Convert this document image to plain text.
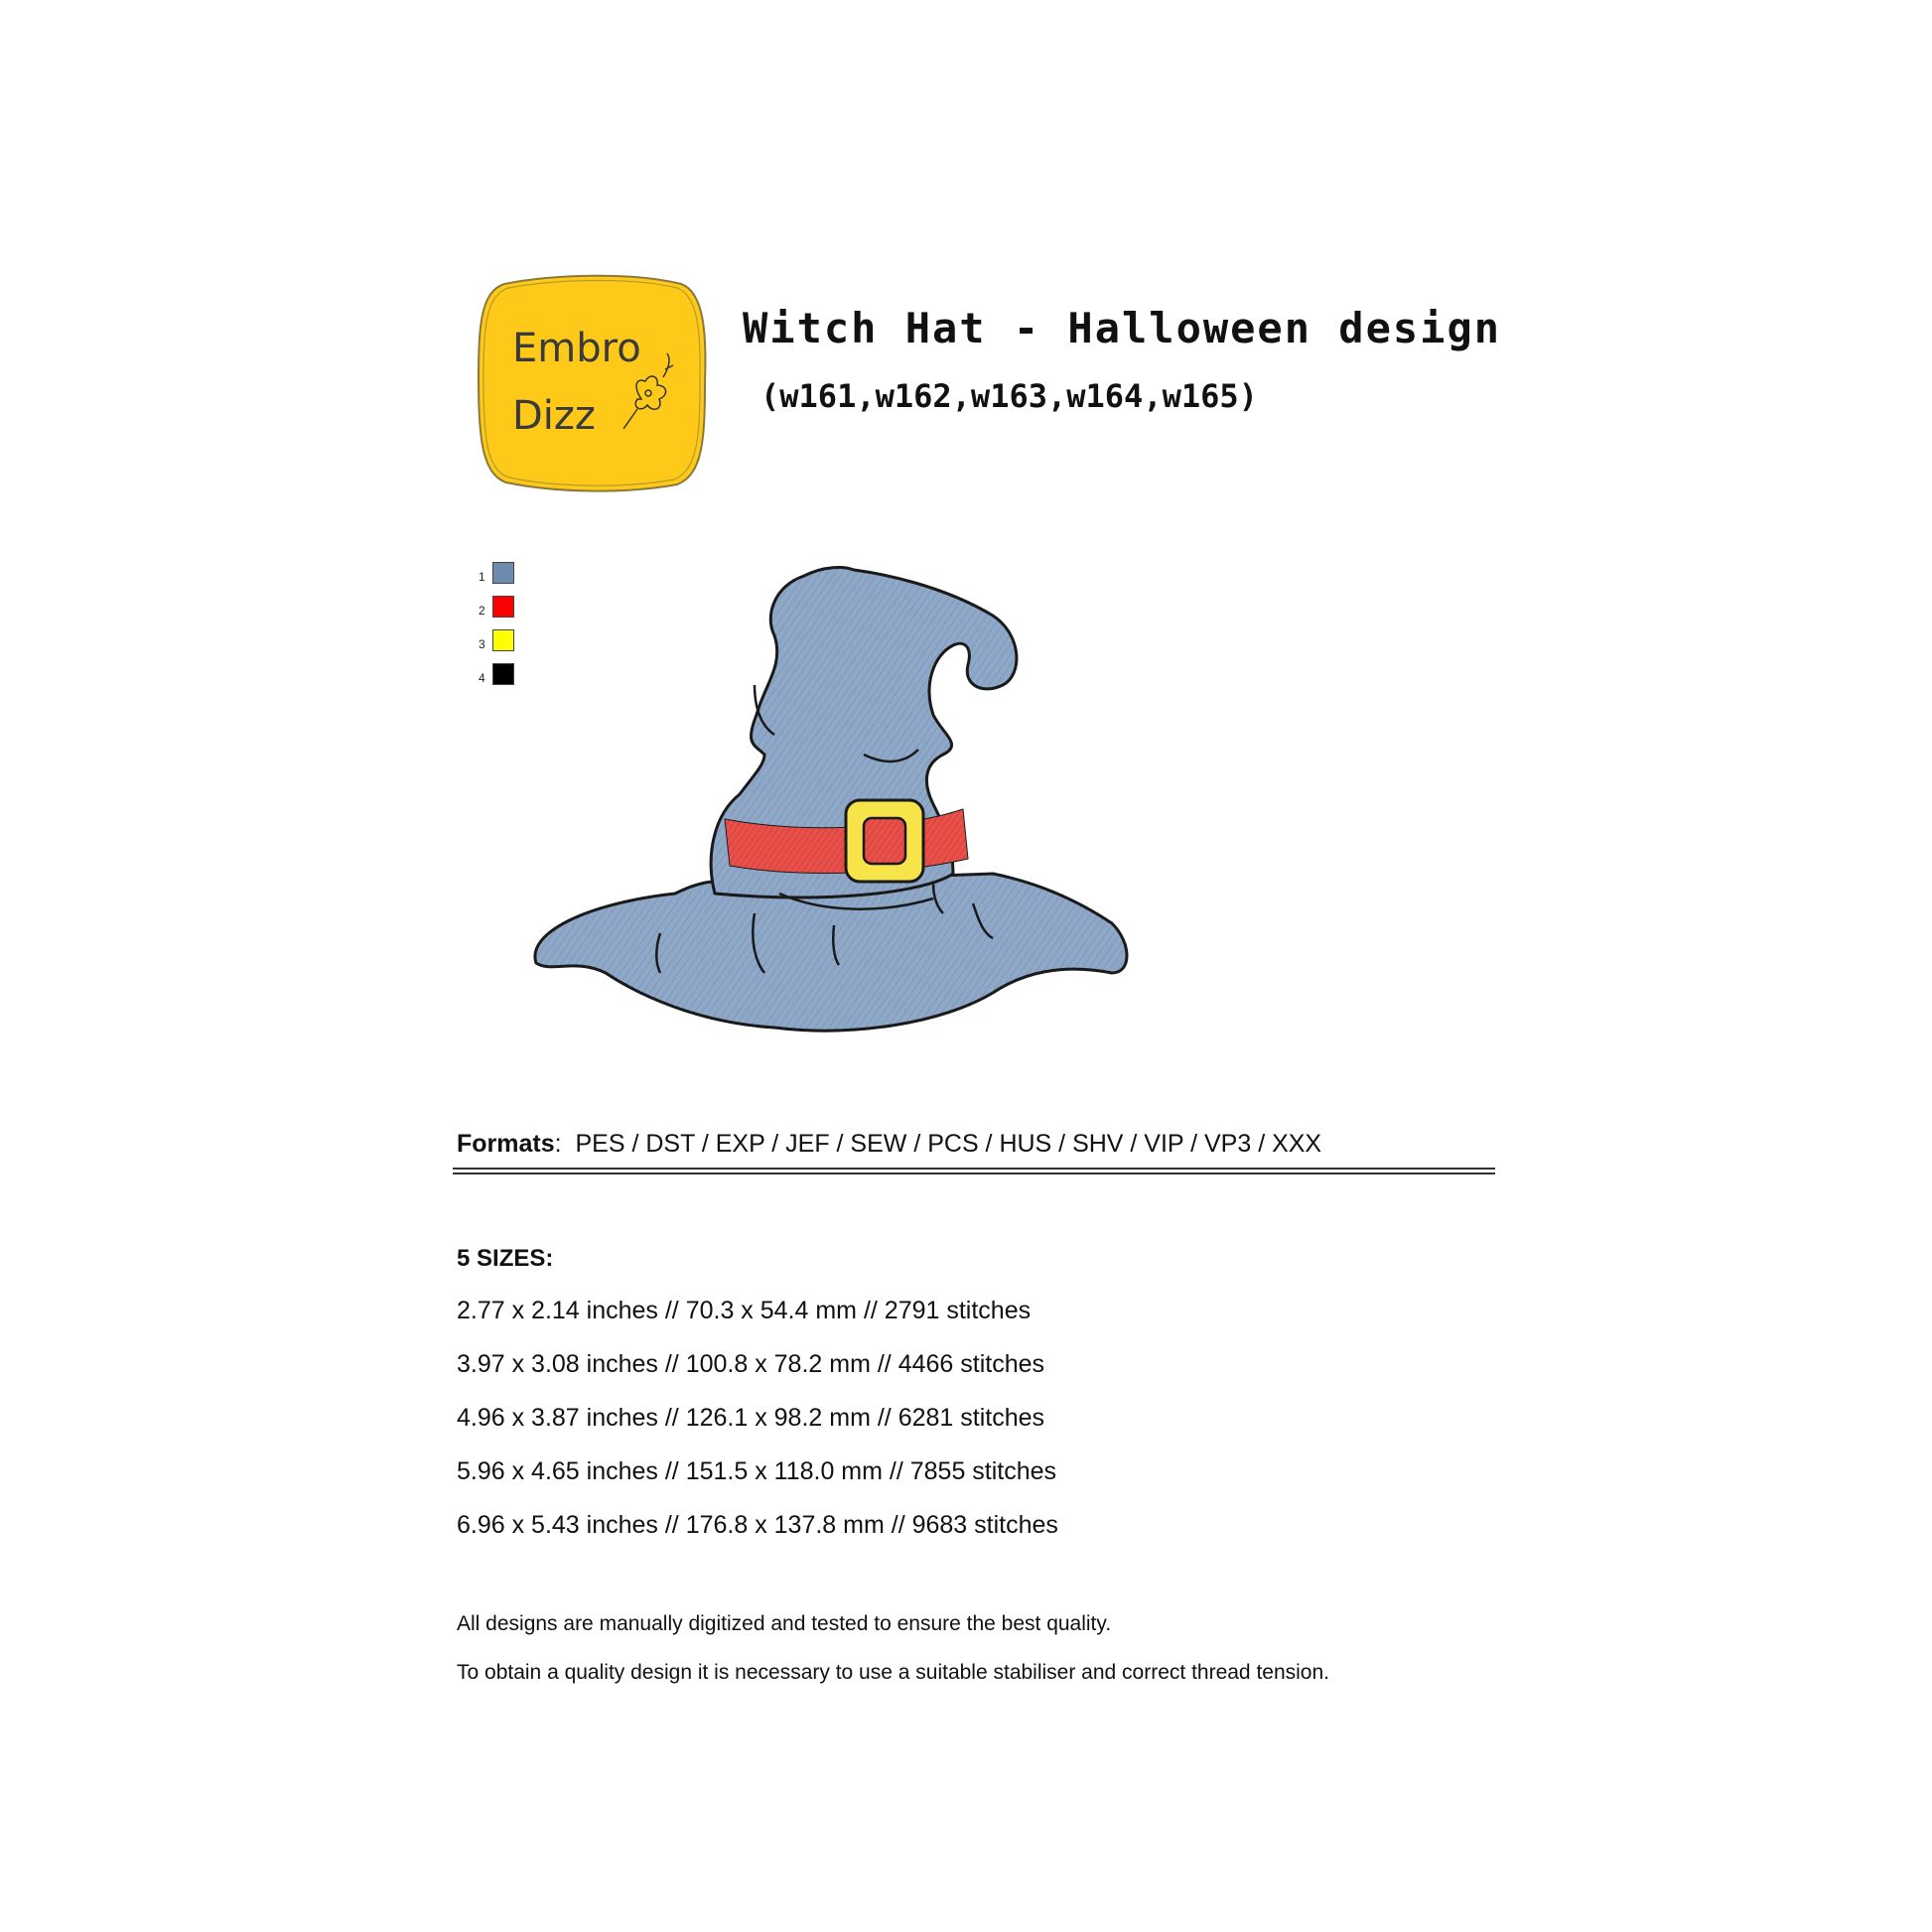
Embro
Dizz
Witch Hat - Halloween design
(w161,w162,w163,w164,w165)
1
2
3
4
Formats:  PES / DST / EXP / JEF / SEW / PCS / HUS / SHV / VIP / VP3 / XXX
5 SIZES:
2.77 x 2.14 inches // 70.3 x 54.4 mm // 2791 stitches
3.97 x 3.08 inches // 100.8 x 78.2 mm // 4466 stitches
4.96 x 3.87 inches // 126.1 x 98.2 mm // 6281 stitches
5.96 x 4.65 inches // 151.5 x 118.0 mm // 7855 stitches
6.96 x 5.43 inches // 176.8 x 137.8 mm // 9683 stitches
All designs are manually digitized and tested to ensure the best quality.
To obtain a quality design it is necessary to use a suitable stabiliser and correct thread tension.
